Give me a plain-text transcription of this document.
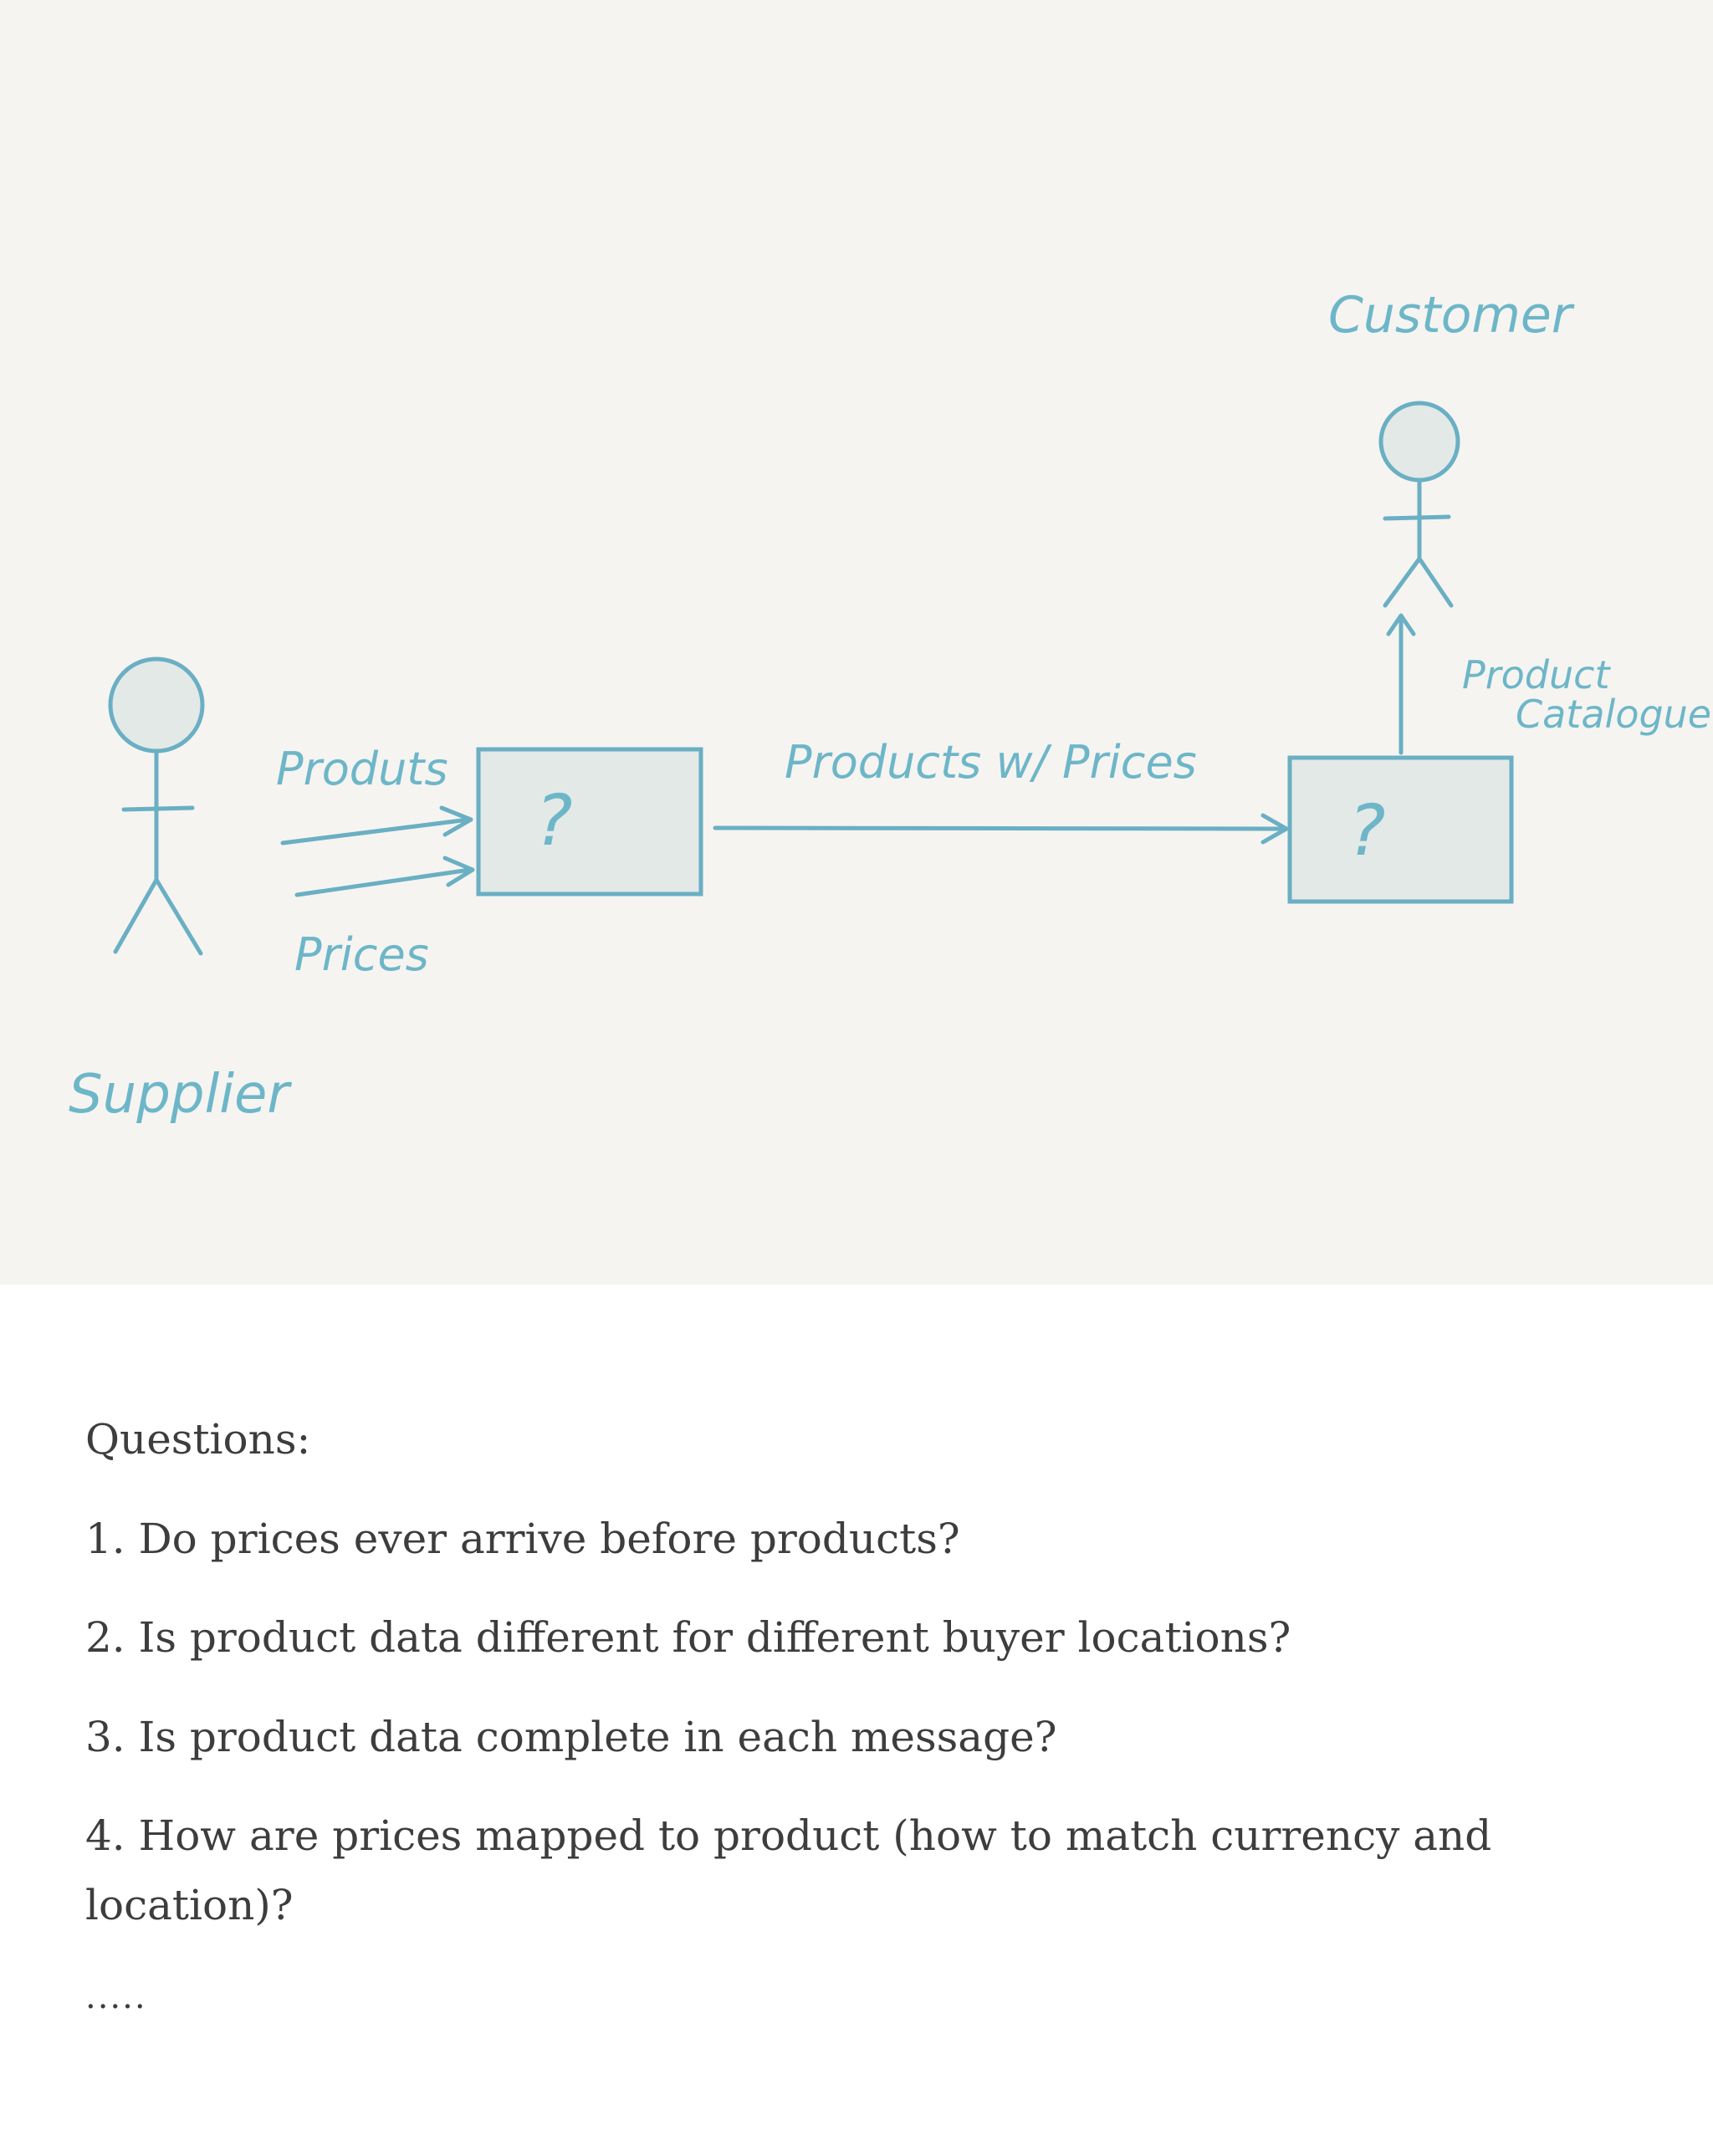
Supplier
Produts
Prices
?
Products w/ Prices
?
Product
Catalogue
Customer

Questions:

1. Do prices ever arrive before products?

2. Is product data different for different buyer locations?

3. Is product data complete in each message?

4. How are prices mapped to product (how to match currency and location)?

.....
